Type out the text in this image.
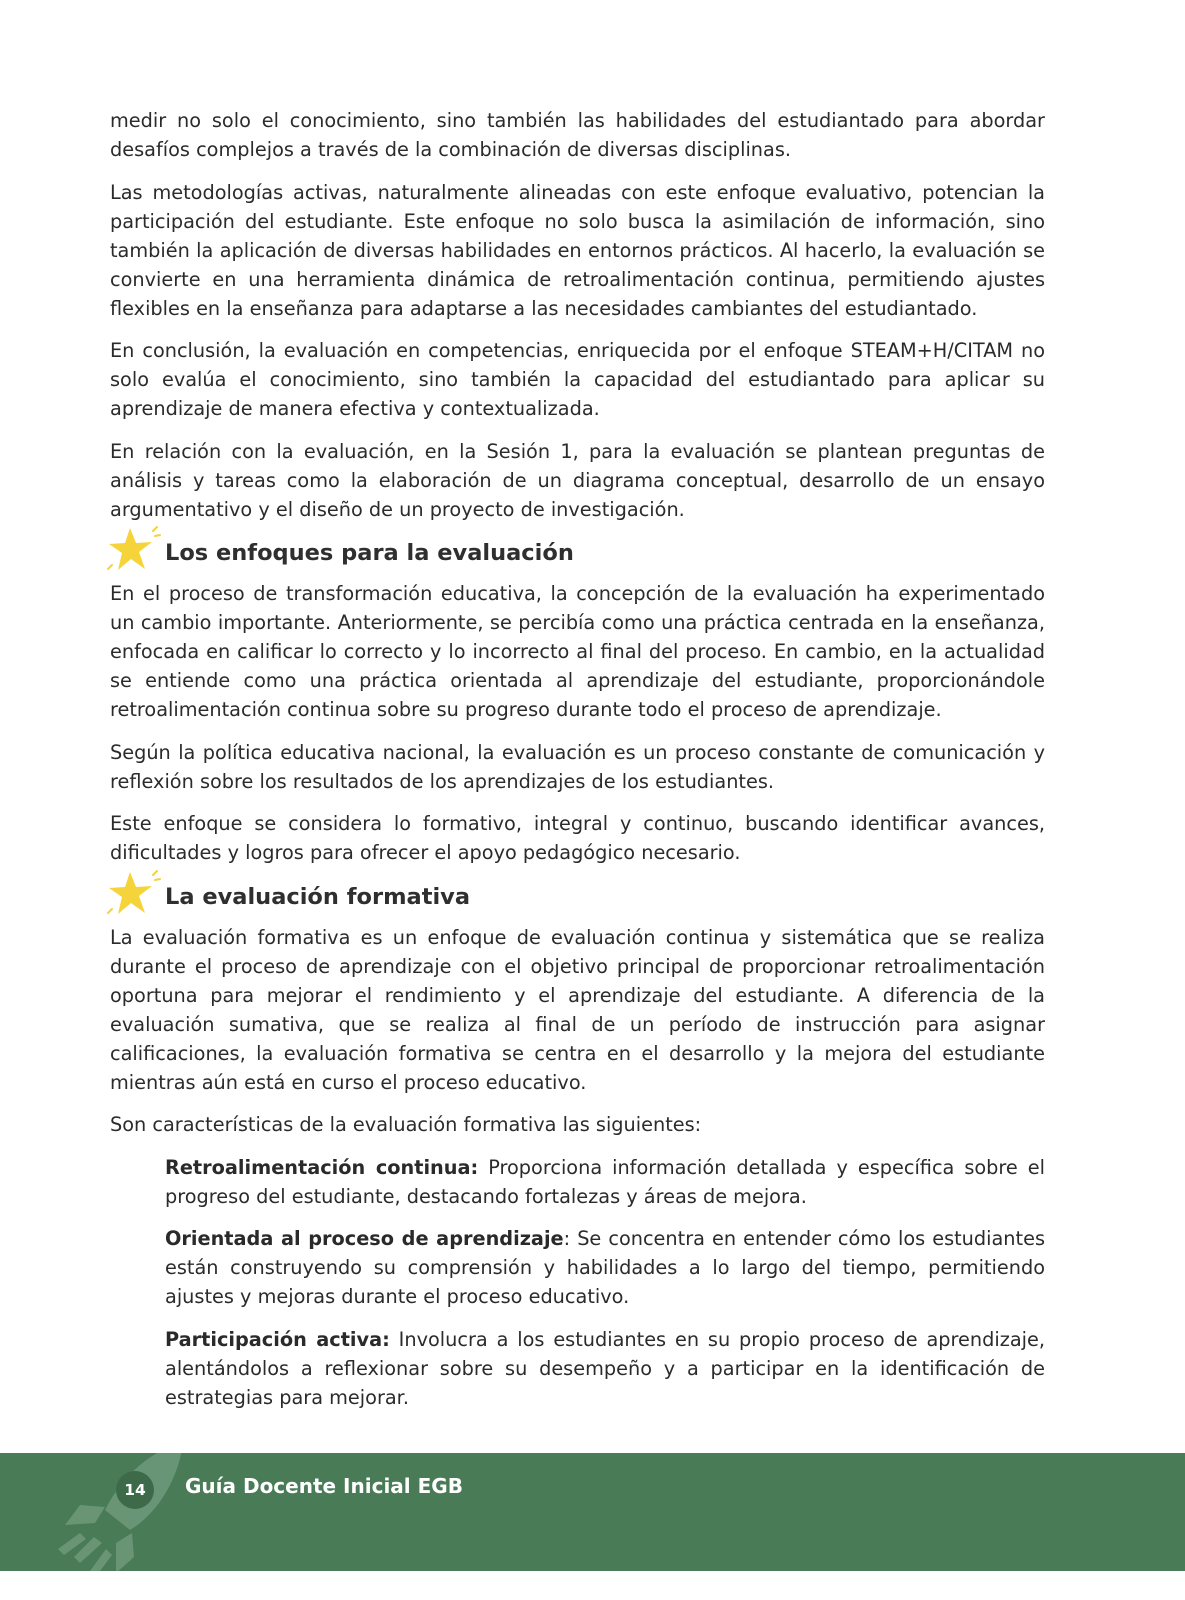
medir no solo el conocimiento, sino también las habilidades del estudiantado para abordar desafíos complejos a través de la combinación de diversas disciplinas.

Las metodologías activas, naturalmente alineadas con este enfoque evaluativo, potencian la participación del estudiante. Este enfoque no solo busca la asimilación de información, sino también la aplicación de diversas habilidades en entornos prácticos. Al hacerlo, la evaluación se convierte en una herramienta dinámica de retroalimentación continua, permitiendo ajustes flexibles en la enseñanza para adaptarse a las necesidades cambiantes del estudiantado.

En conclusión, la evaluación en competencias, enriquecida por el enfoque STEAM+H/CITAM no solo evalúa el conocimiento, sino también la capacidad del estudiantado para aplicar su aprendizaje de manera efectiva y contextualizada.

En relación con la evaluación, en la Sesión 1, para la evaluación se plantean preguntas de análisis y tareas como la elaboración de un diagrama conceptual, desarrollo de un ensayo argumentativo y el diseño de un proyecto de investigación.

Los enfoques para la evaluación

En el proceso de transformación educativa, la concepción de la evaluación ha experimentado un cambio importante. Anteriormente, se percibía como una práctica centrada en la enseñanza, enfocada en calificar lo correcto y lo incorrecto al final del proceso. En cambio, en la actualidad se entiende como una práctica orientada al aprendizaje del estudiante, proporcionándole retroalimentación continua sobre su progreso durante todo el proceso de aprendizaje.

Según la política educativa nacional, la evaluación es un proceso constante de comunicación y reflexión sobre los resultados de los aprendizajes de los estudiantes.

Este enfoque se considera lo formativo, integral y continuo, buscando identificar avances, dificultades y logros para ofrecer el apoyo pedagógico necesario.

La evaluación formativa

La evaluación formativa es un enfoque de evaluación continua y sistemática que se realiza durante el proceso de aprendizaje con el objetivo principal de proporcionar retroalimentación oportuna para mejorar el rendimiento y el aprendizaje del estudiante. A diferencia de la evaluación sumativa, que se realiza al final de un período de instrucción para asignar calificaciones, la evaluación formativa se centra en el desarrollo y la mejora del estudiante mientras aún está en curso el proceso educativo.

Son características de la evaluación formativa las siguientes:

Retroalimentación continua: Proporciona información detallada y específica sobre el progreso del estudiante, destacando fortalezas y áreas de mejora.
Orientada al proceso de aprendizaje: Se concentra en entender cómo los estudiantes están construyendo su comprensión y habilidades a lo largo del tiempo, permitiendo ajustes y mejoras durante el proceso educativo.
Participación activa: Involucra a los estudiantes en su propio proceso de aprendizaje, alentándolos a reflexionar sobre su desempeño y a participar en la identificación de estrategias para mejorar.
14	Guía Docente Inicial EGB
